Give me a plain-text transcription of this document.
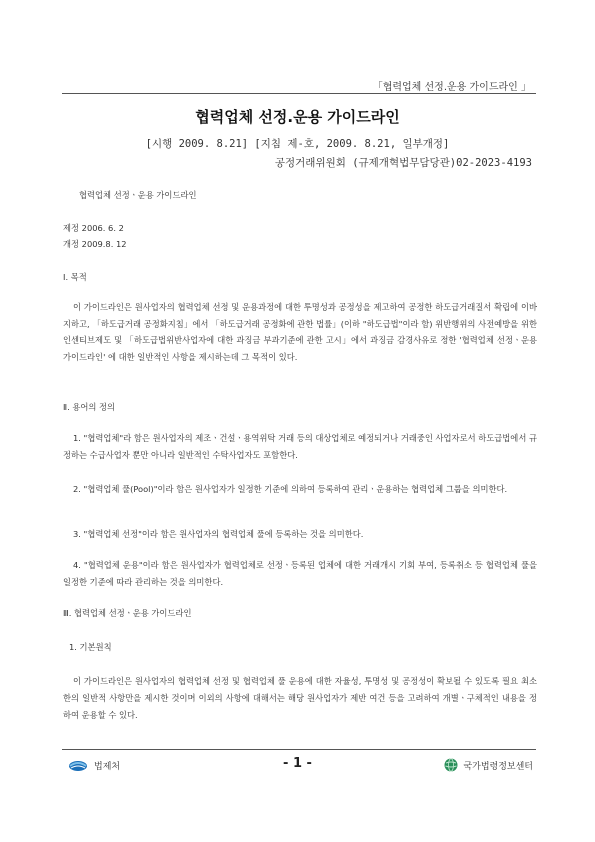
「협력업체 선정.운용 가이드라인 」
협력업체 선정.운용 가이드라인
[시행 2009. 8.21] [지침 제-호, 2009. 8.21, 일부개정]
공정거래위원회 (규제개혁법무담당관)02-2023-4193
협력업체 선정ㆍ운용 가이드라인
제정 2006. 6. 2
개정 2009.8. 12
Ⅰ. 목적
이 가이드라인은 원사업자의 협력업체 선정 및 운용과정에 대한 투명성과 공정성을 제고하여 공정한 하도급거래질서 확립에 이바지하고, 「하도급거래 공정화지침」에서 「하도급거래 공정화에 관한 법률」(이하 "하도급법"이라 함) 위반행위의 사전예방을 위한 인센티브제도 및 「하도급법위반사업자에 대한 과징금 부과기준에 관한 고시」에서 과징금 감경사유로 정한 '협력업체 선정ㆍ운용 가이드라인' 에 대한 일반적인 사항을 제시하는데 그 목적이 있다.
Ⅱ. 용어의 정의
1. "협력업체"라 함은 원사업자의 제조ㆍ건설ㆍ용역위탁 거래 등의 대상업체로 예정되거나 거래중인 사업자로서 하도급법에서 규정하는 수급사업자 뿐만 아니라 일반적인 수탁사업자도 포함한다.
2. "협력업체 풀(Pool)"이라 함은 원사업자가 일정한 기준에 의하여 등록하여 관리ㆍ운용하는 협력업체 그룹을 의미한다.
3. "협력업체 선정"이라 함은 원사업자의 협력업체 풀에 등록하는 것을 의미한다.
4. "협력업체 운용"이라 함은 원사업자가 협력업체로 선정ㆍ등록된 업체에 대한 거래개시 기회 부여, 등록취소 등 협력업체 풀을 일정한 기준에 따라 관리하는 것을 의미한다.
Ⅲ. 협력업체 선정ㆍ운용 가이드라인
1. 기본원칙
이 가이드라인은 원사업자의 협력업체 선정 및 협력업체 풀 운용에 대한 자율성, 투명성 및 공정성이 확보될 수 있도록 필요 최소한의 일반적 사항만을 제시한 것이며 이외의 사항에 대해서는 해당 원사업자가 제반 여건 등을 고려하여 개별ㆍ구체적인 내용을 정하여 운용할 수 있다.
법제처	- 1 -	국가법령정보센터
